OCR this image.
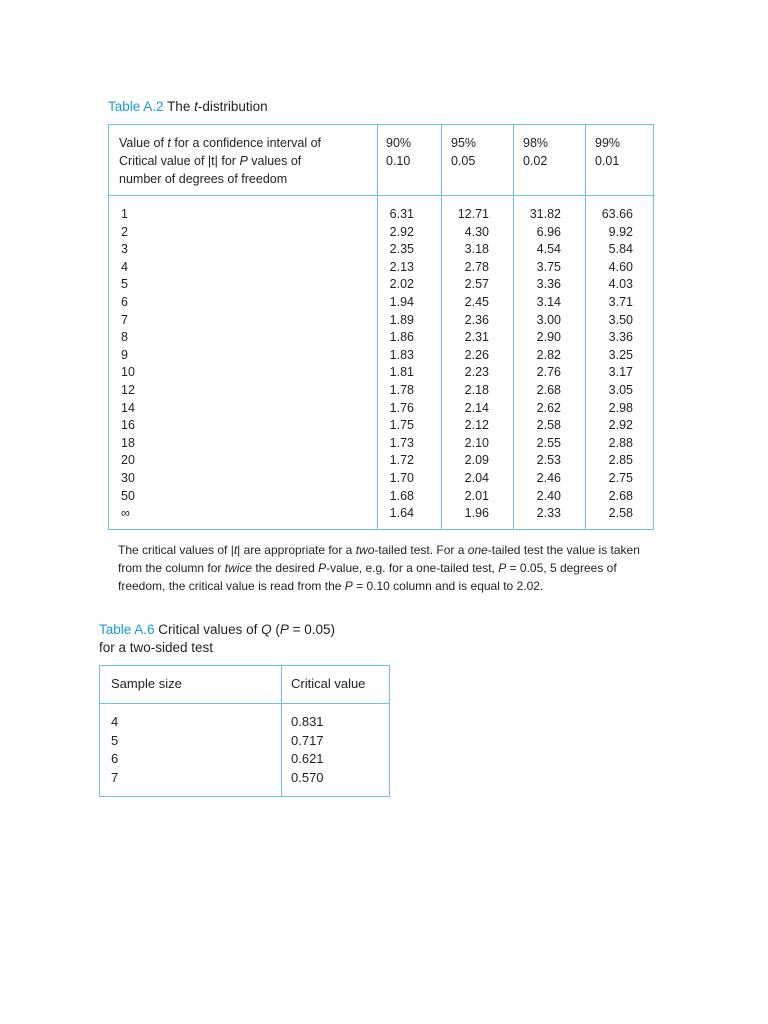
Table A.2 The t-distribution
Value of t for a confidence interval of
Critical value of |t| for P values of
number of degrees of freedom
90%
0.10
95%
0.05
98%
0.02
99%
0.01
1
2
3
4
5
6
7
8
9
10
12
14
16
18
20
30
50
∞
6.31
2.92
2.35
2.13
2.02
1.94
1.89
1.86
1.83
1.81
1.78
1.76
1.75
1.73
1.72
1.70
1.68
1.64
12.71
4.30
3.18
2.78
2.57
2.45
2.36
2.31
2.26
2.23
2.18
2.14
2.12
2.10
2.09
2.04
2.01
1.96
31.82
6.96
4.54
3.75
3.36
3.14
3.00
2.90
2.82
2.76
2.68
2.62
2.58
2.55
2.53
2.46
2.40
2.33
63.66
9.92
5.84
4.60
4.03
3.71
3.50
3.36
3.25
3.17
3.05
2.98
2.92
2.88
2.85
2.75
2.68
2.58
The critical values of |t| are appropriate for a two-tailed test. For a one-tailed test the value is taken from the column for twice the desired P-value, e.g. for a one-tailed test, P = 0.05, 5 degrees of freedom, the critical value is read from the P = 0.10 column and is equal to 2.02.
Table A.6 Critical values of Q (P = 0.05)
for a two-sided test
Sample size	Critical value
4
5
6
7
0.831
0.717
0.621
0.570
